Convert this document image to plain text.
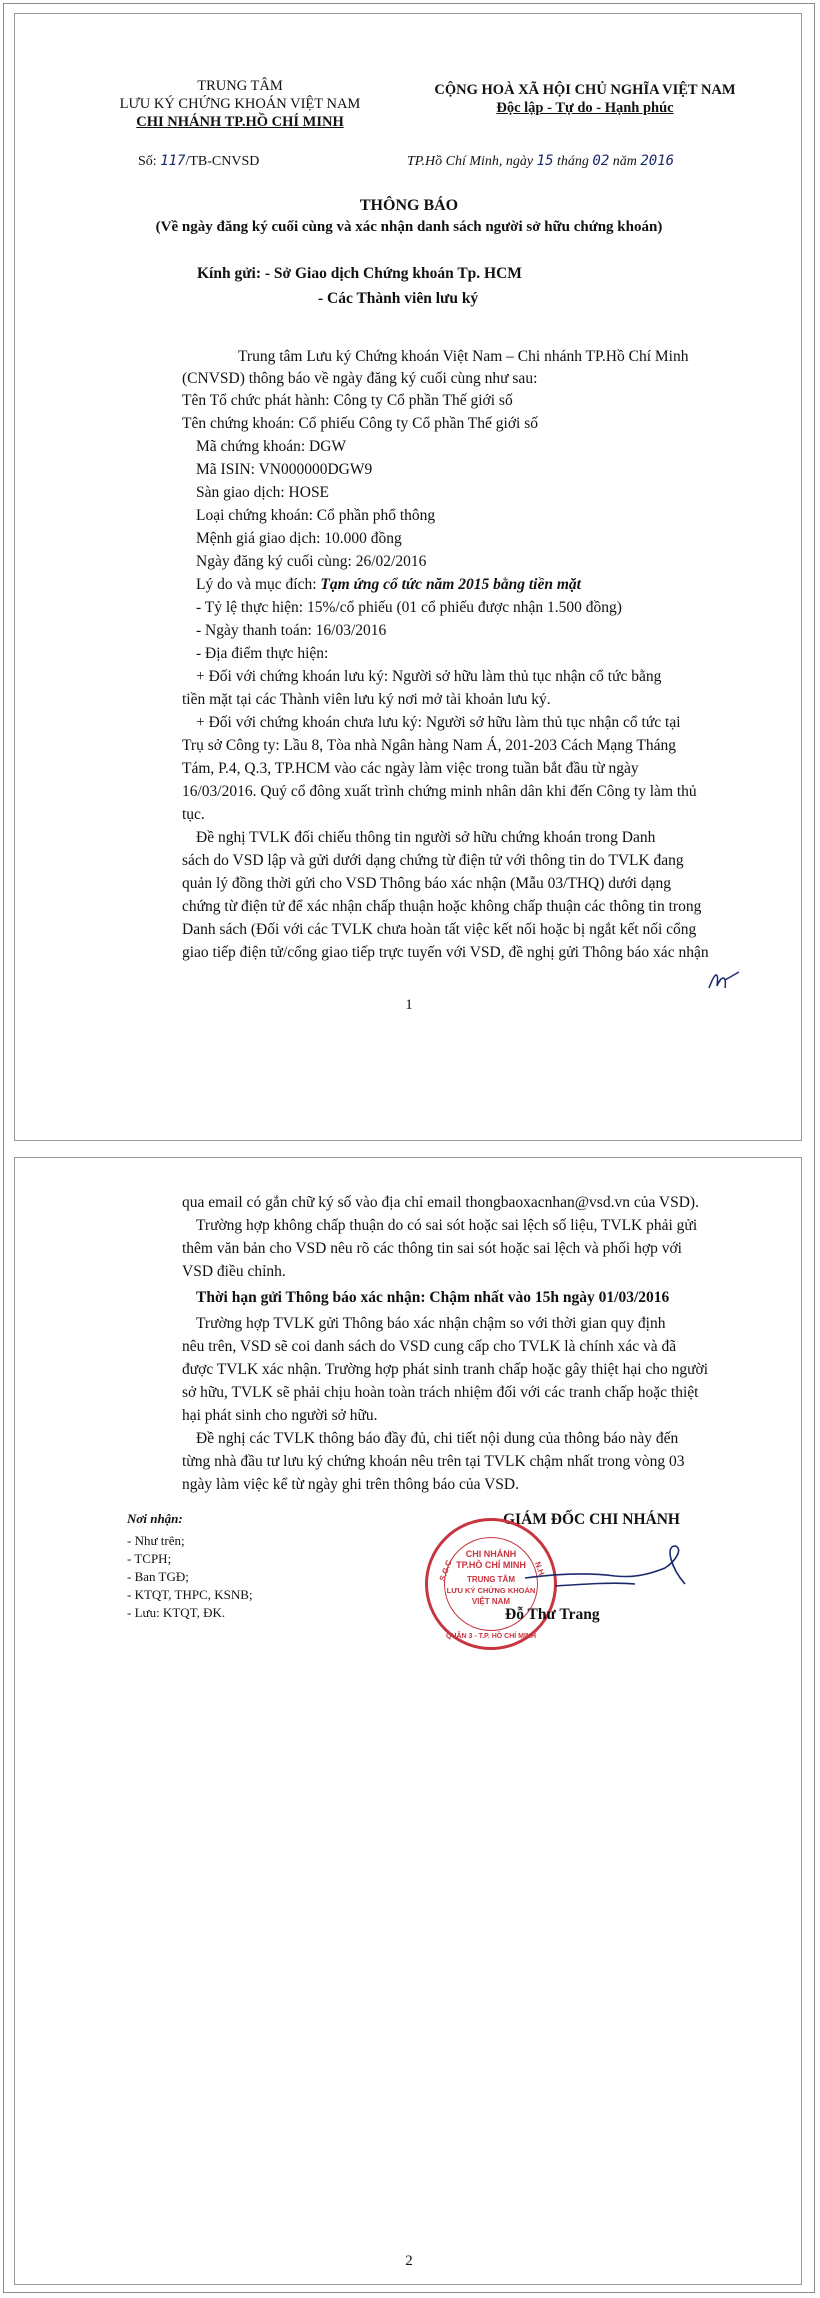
TRUNG TÂM
LƯU KÝ CHỨNG KHOÁN VIỆT NAM
CHI NHÁNH TP.HỒ CHÍ MINH
CỘNG HOÀ XÃ HỘI CHỦ NGHĨA VIỆT NAM
Độc lập - Tự do - Hạnh phúc
Số: 117/TB-CNVSD	TP.Hồ Chí Minh, ngày 15 tháng 02 năm 2016
THÔNG BÁO
(Về ngày đăng ký cuối cùng và xác nhận danh sách người sở hữu chứng khoán)
Kính gửi: - Sở Giao dịch Chứng khoán Tp. HCM
- Các Thành viên lưu ký
Trung tâm Lưu ký Chứng khoán Việt Nam – Chi nhánh TP.Hồ Chí Minh
(CNVSD) thông báo về ngày đăng ký cuối cùng như sau:
Tên Tổ chức phát hành: Công ty Cổ phần Thế giới số
Tên chứng khoán: Cổ phiếu Công ty Cổ phần Thế giới số
Mã chứng khoán: DGW
Mã ISIN: VN000000DGW9
Sàn giao dịch: HOSE
Loại chứng khoán: Cổ phần phổ thông
Mệnh giá giao dịch: 10.000 đồng
Ngày đăng ký cuối cùng: 26/02/2016
Lý do và mục đích: Tạm ứng cổ tức năm 2015 bằng tiền mặt
- Tỷ lệ thực hiện: 15%/cổ phiếu (01 cổ phiếu được nhận 1.500 đồng)
- Ngày thanh toán: 16/03/2016
- Địa điểm thực hiện:
+ Đối với chứng khoán lưu ký: Người sở hữu làm thủ tục nhận cổ tức bằng
tiền mặt tại các Thành viên lưu ký nơi mở tài khoản lưu ký.
+ Đối với chứng khoán chưa lưu ký: Người sở hữu làm thủ tục nhận cổ tức tại
Trụ sở Công ty: Lầu 8, Tòa nhà Ngân hàng Nam Á, 201-203 Cách Mạng Tháng
Tám, P.4, Q.3, TP.HCM vào các ngày làm việc trong tuần bắt đầu từ ngày
16/03/2016. Quý cổ đông xuất trình chứng minh nhân dân khi đến Công ty làm thủ
tục.
Đề nghị TVLK đối chiếu thông tin người sở hữu chứng khoán trong Danh
sách do VSD lập và gửi dưới dạng chứng từ điện tử với thông tin do TVLK đang
quản lý đồng thời gửi cho VSD Thông báo xác nhận (Mẫu 03/THQ) dưới dạng
chứng từ điện tử để xác nhận chấp thuận hoặc không chấp thuận các thông tin trong
Danh sách (Đối với các TVLK chưa hoàn tất việc kết nối hoặc bị ngắt kết nối cổng
giao tiếp điện tử/cổng giao tiếp trực tuyến với VSD, đề nghị gửi Thông báo xác nhận
1
qua email có gắn chữ ký số vào địa chỉ email thongbaoxacnhan@vsd.vn của VSD).
Trường hợp không chấp thuận do có sai sót hoặc sai lệch số liệu, TVLK phải gửi
thêm văn bản cho VSD nêu rõ các thông tin sai sót hoặc sai lệch và phối hợp với
VSD điều chỉnh.
Thời hạn gửi Thông báo xác nhận: Chậm nhất vào 15h ngày 01/03/2016
Trường hợp TVLK gửi Thông báo xác nhận chậm so với thời gian quy định
nêu trên, VSD sẽ coi danh sách do VSD cung cấp cho TVLK là chính xác và đã
được TVLK xác nhận. Trường hợp phát sinh tranh chấp hoặc gây thiệt hại cho người
sở hữu, TVLK sẽ phải chịu hoàn toàn trách nhiệm đối với các tranh chấp hoặc thiệt
hại phát sinh cho người sở hữu.
Đề nghị các TVLK thông báo đầy đủ, chi tiết nội dung của thông báo này đến
từng nhà đầu tư lưu ký chứng khoán nêu trên tại TVLK chậm nhất trong vòng 03
ngày làm việc kể từ ngày ghi trên thông báo của VSD.
Nơi nhận:
- Như trên;
- TCPH;
- Ban TGĐ;
- KTQT, THPC, KSNB;
- Lưu: KTQT, ĐK.
GIÁM ĐỐC CHI NHÁNH
S.G.C.	N.H.
CHI NHÁNH
TP.HỒ CHÍ MINH
TRUNG TÂM
LƯU KÝ CHỨNG KHOÁN
VIỆT NAM
QUẬN 3 - T.P. HỒ CHÍ MINH
Đỗ Thư Trang
2
